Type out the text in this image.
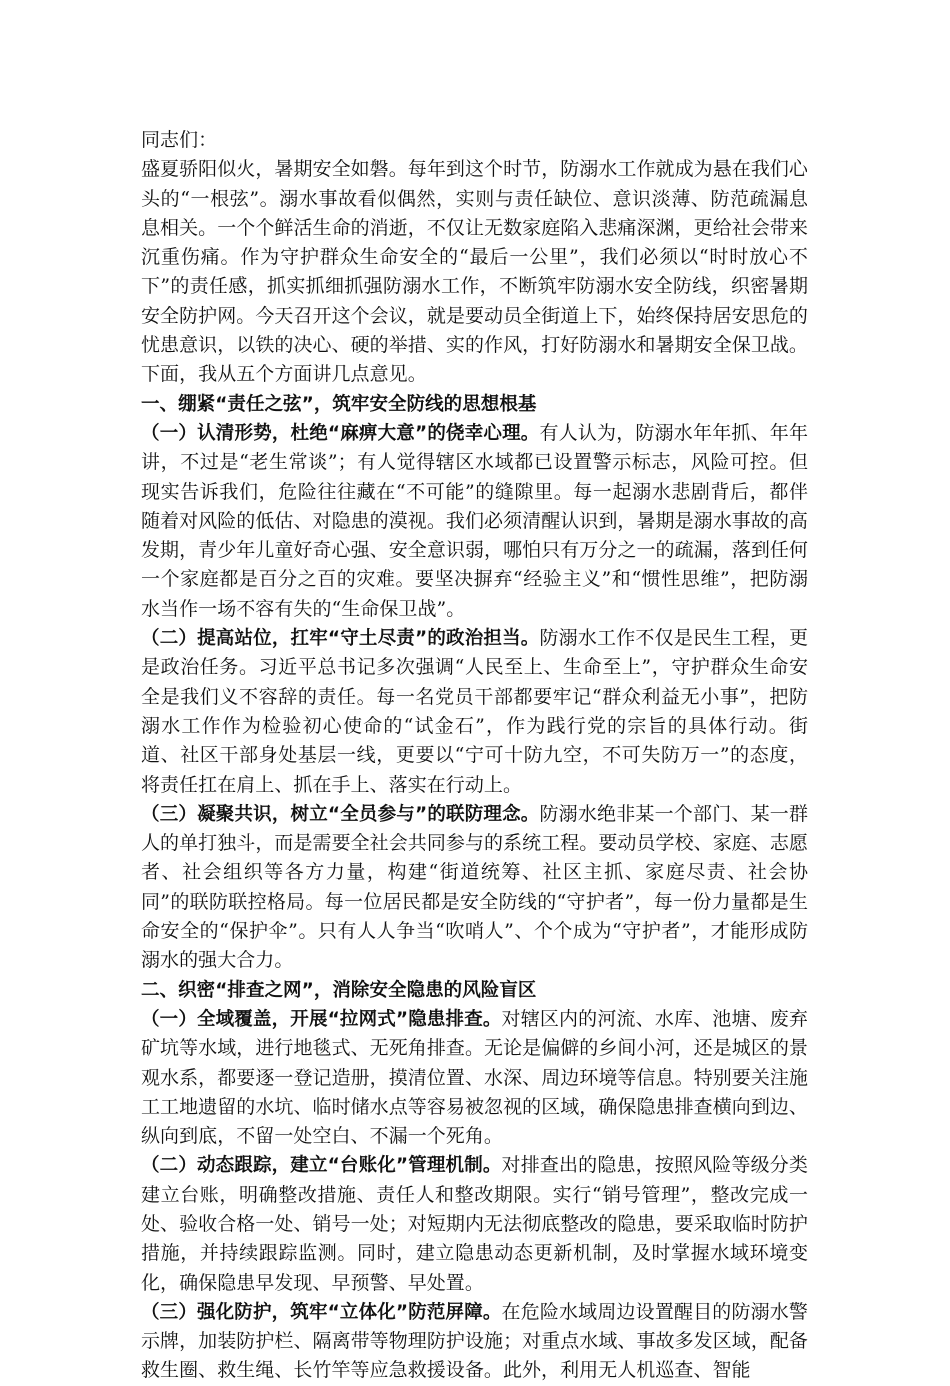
同志们：

盛夏骄阳似火，暑期安全如磐。每年到这个时节，防溺水工作就成为悬在我们心头的“一根弦”。溺水事故看似偶然，实则与责任缺位、意识淡薄、防范疏漏息息相关。一个个鲜活生命的消逝，不仅让无数家庭陷入悲痛深渊，更给社会带来沉重伤痛。作为守护群众生命安全的“最后一公里”，我们必须以“时时放心不下”的责任感，抓实抓细抓强防溺水工作，不断筑牢防溺水安全防线，织密暑期安全防护网。今天召开这个会议，就是要动员全街道上下，始终保持居安思危的忧患意识，以铁的决心、硬的举措、实的作风，打好防溺水和暑期安全保卫战。下面，我从五个方面讲几点意见。

一、绷紧“责任之弦”，筑牢安全防线的思想根基

（一）认清形势，杜绝“麻痹大意”的侥幸心理。有人认为，防溺水年年抓、年年讲，不过是“老生常谈”；有人觉得辖区水域都已设置警示标志，风险可控。但现实告诉我们，危险往往藏在“不可能”的缝隙里。每一起溺水悲剧背后，都伴随着对风险的低估、对隐患的漠视。我们必须清醒认识到，暑期是溺水事故的高发期，青少年儿童好奇心强、安全意识弱，哪怕只有万分之一的疏漏，落到任何一个家庭都是百分之百的灾难。要坚决摒弃“经验主义”和“惯性思维”，把防溺水当作一场不容有失的“生命保卫战”。

（二）提高站位，扛牢“守土尽责”的政治担当。防溺水工作不仅是民生工程，更是政治任务。习近平总书记多次强调“人民至上、生命至上”，守护群众生命安全是我们义不容辞的责任。每一名党员干部都要牢记“群众利益无小事”，把防溺水工作作为检验初心使命的“试金石”，作为践行党的宗旨的具体行动。街道、社区干部身处基层一线，更要以“宁可十防九空，不可失防万一”的态度，将责任扛在肩上、抓在手上、落实在行动上。

（三）凝聚共识，树立“全员参与”的联防理念。防溺水绝非某一个部门、某一群人的单打独斗，而是需要全社会共同参与的系统工程。要动员学校、家庭、志愿者、社会组织等各方力量，构建“街道统筹、社区主抓、家庭尽责、社会协同”的联防联控格局。每一位居民都是安全防线的“守护者”，每一份力量都是生命安全的“保护伞”。只有人人争当“吹哨人”、个个成为“守护者”，才能形成防溺水的强大合力。

二、织密“排查之网”，消除安全隐患的风险盲区

（一）全域覆盖，开展“拉网式”隐患排查。对辖区内的河流、水库、池塘、废弃矿坑等水域，进行地毯式、无死角排查。无论是偏僻的乡间小河，还是城区的景观水系，都要逐一登记造册，摸清位置、水深、周边环境等信息。特别要关注施工工地遗留的水坑、临时储水点等容易被忽视的区域，确保隐患排查横向到边、纵向到底，不留一处空白、不漏一个死角。

（二）动态跟踪，建立“台账化”管理机制。对排查出的隐患，按照风险等级分类建立台账，明确整改措施、责任人和整改期限。实行“销号管理”，整改完成一处、验收合格一处、销号一处；对短期内无法彻底整改的隐患，要采取临时防护措施，并持续跟踪监测。同时，建立隐患动态更新机制，及时掌握水域环境变化，确保隐患早发现、早预警、早处置。

（三）强化防护，筑牢“立体化”防范屏障。在危险水域周边设置醒目的防溺水警示牌，加装防护栏、隔离带等物理防护设施；对重点水域、事故多发区域，配备救生圈、救生绳、长竹竿等应急救援设备。此外，利用无人机巡查、智能
